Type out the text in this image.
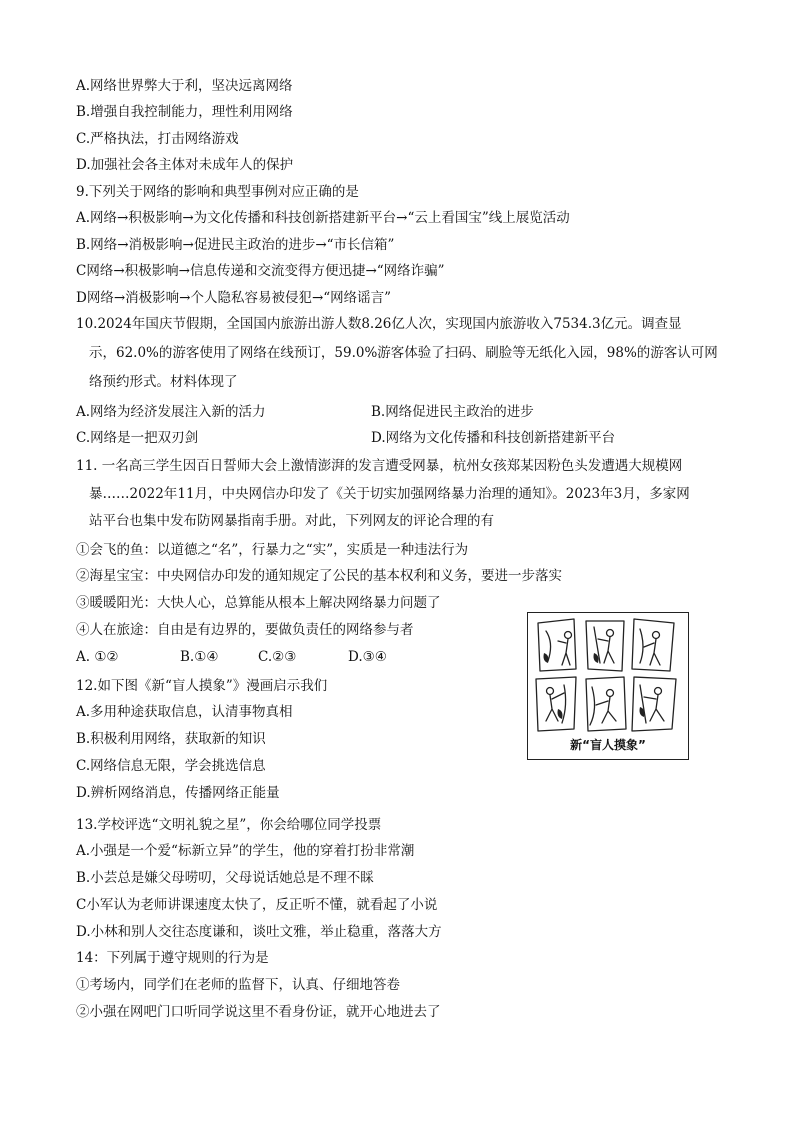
A.网络世界弊大于利，坚决远离网络
B.增强自我控制能力，理性利用网络
C.严格执法，打击网络游戏
D.加强社会各主体对未成年人的保护
9.下列关于网络的影响和典型事例对应正确的是
A.网络→积极影响→为文化传播和科技创新搭建新平台→“云上看国宝”线上展览活动
B.网络→消极影响→促进民主政治的进步→“市长信箱”
C网络→积极影响→信息传递和交流变得方便迅捷→“网络诈骗”
D网络→消极影响→个人隐私容易被侵犯→“网络谣言”
10.2024年国庆节假期，全国国内旅游出游人数8.26亿人次，实现国内旅游收入7534.3亿元。调查显
示，62.0%的游客使用了网络在线预订，59.0%游客体验了扫码、刷脸等无纸化入园，98%的游客认可网
络预约形式。材料体现了
A.网络为经济发展注入新的活力	B.网络促进民主政治的进步
C.网络是一把双刃剑	D.网络为文化传播和科技创新搭建新平台
11. 一名高三学生因百日誓师大会上激情澎湃的发言遭受网暴，杭州女孩郑某因粉色头发遭遇大规模网
暴……2022年11月，中央网信办印发了《关于切实加强网络暴力治理的通知》。2023年3月，多家网
站平台也集中发布防网暴指南手册。对此，下列网友的评论合理的有
①会飞的鱼：以道德之“名”，行暴力之“实”，实质是一种违法行为
②海星宝宝：中央网信办印发的通知规定了公民的基本权利和义务，要进一步落实
③暖暖阳光：大快人心，总算能从根本上解决网络暴力问题了
④人在旅途：自由是有边界的，要做负责任的网络参与者
A. ①②	B.①④	C.②③	D.③④
12.如下图《新“盲人摸象”》漫画启示我们
A.多用种途获取信息，认清事物真相
B.积极利用网络，获取新的知识
C.网络信息无限，学会挑选信息
D.辨析网络消息，传播网络正能量
新“盲人摸象”
13.学校评选“文明礼貌之星”，你会给哪位同学投票
A.小强是一个爱“标新立异”的学生，他的穿着打扮非常潮
B.小芸总是嫌父母唠叨，父母说话她总是不理不睬
C小军认为老师讲课速度太快了，反正听不懂，就看起了小说
D.小林和别人交往态度谦和，谈吐文雅，举止稳重，落落大方
14：下列属于遵守规则的行为是
①考场内，同学们在老师的监督下，认真、仔细地答卷
②小强在网吧门口听同学说这里不看身份证，就开心地进去了
